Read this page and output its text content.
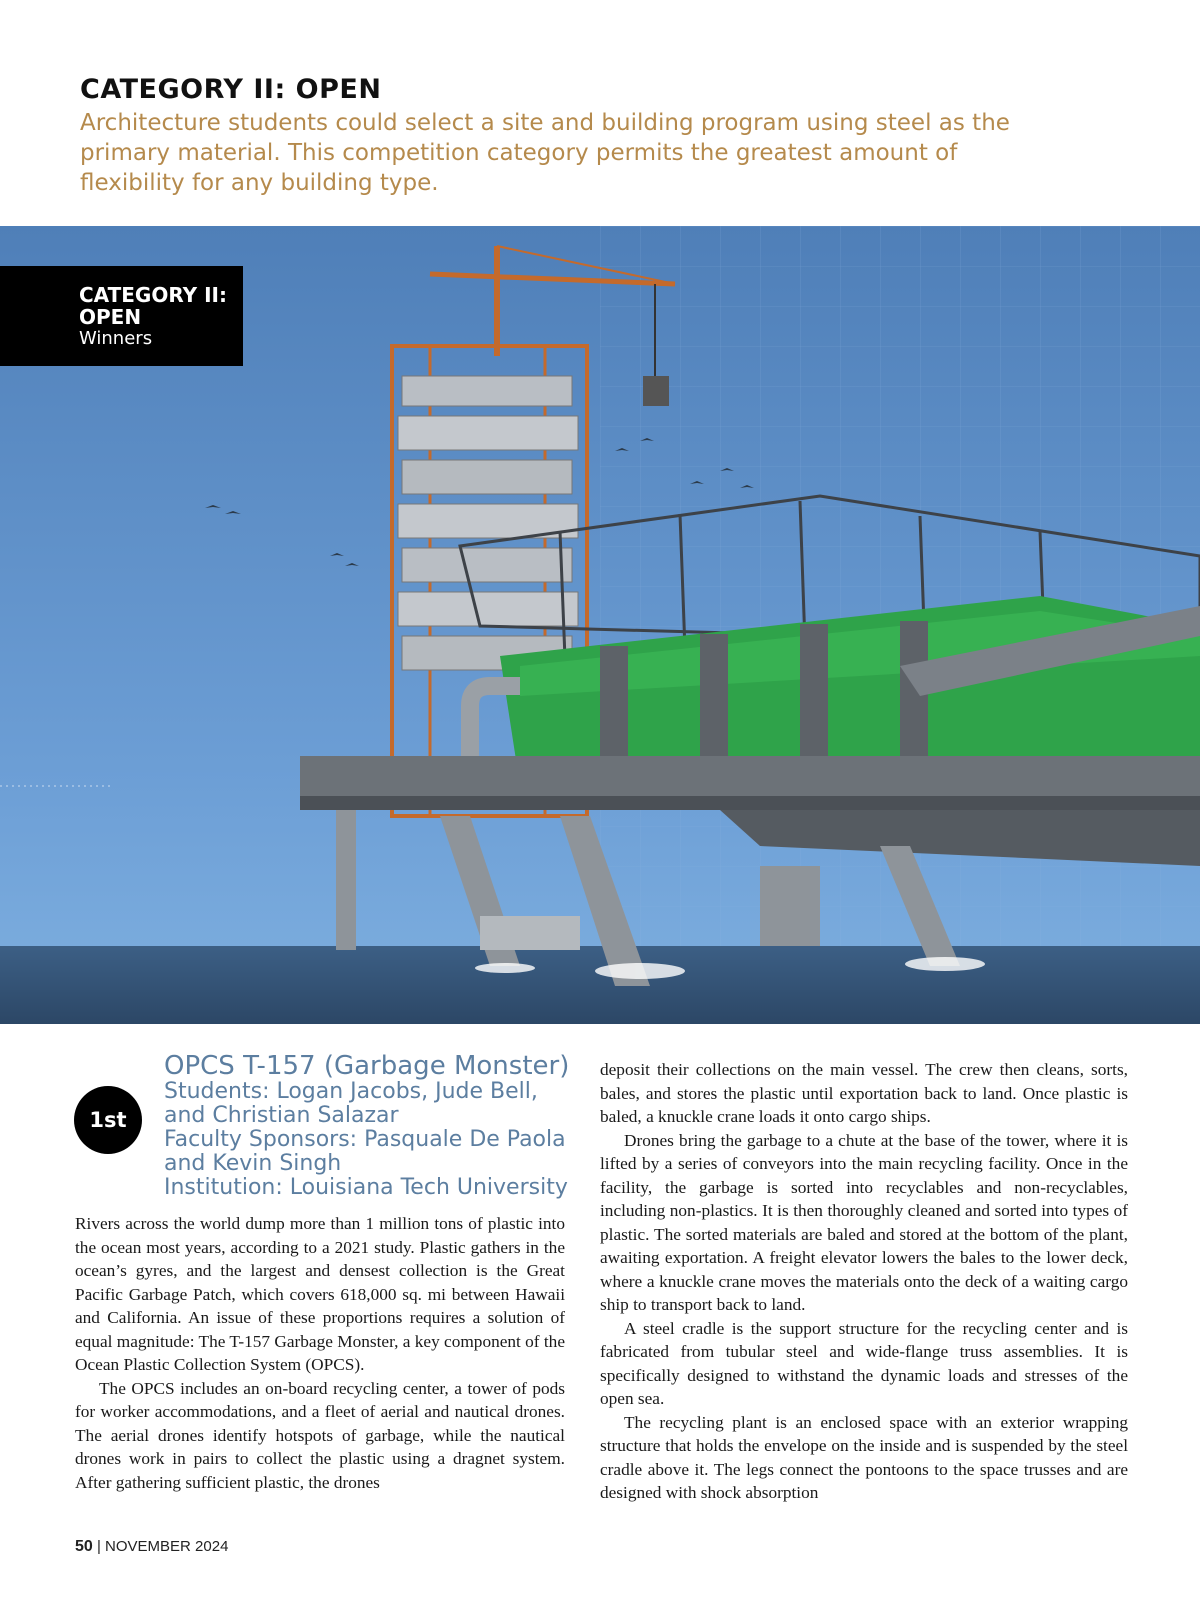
CATEGORY II: OPEN
Architecture students could select a site and building program using steel as the primary material. This competition category permits the greatest amount of flexibility for any building type.
CATEGORY II:
OPEN
Winners
1st
OPCS T-157 (Garbage Monster)
Students: Logan Jacobs, Jude Bell,
and Christian Salazar
Faculty Sponsors: Pasquale De Paola
and Kevin Singh
Institution: Louisiana Tech University

Rivers across the world dump more than 1 million tons of plastic into the ocean most years, according to a 2021 study. Plastic gathers in the ocean’s gyres, and the largest and densest collection is the Great Pacific Garbage Patch, which covers 618,000 sq. mi between Hawaii and California. An issue of these proportions requires a solution of equal magnitude: The T-157 Garbage Monster, a key component of the Ocean Plastic Collection System (OPCS).

The OPCS includes an on-board recycling center, a tower of pods for worker accommodations, and a fleet of aerial and nautical drones. The aerial drones identify hotspots of garbage, while the nautical drones work in pairs to collect the plastic using a dragnet system. After gathering sufficient plastic, the drones

deposit their collections on the main vessel. The crew then cleans, sorts, bales, and stores the plastic until exportation back to land. Once plastic is baled, a knuckle crane loads it onto cargo ships.

Drones bring the garbage to a chute at the base of the tower, where it is lifted by a series of conveyors into the main recycling facility. Once in the facility, the garbage is sorted into recyclables and non-recyclables, including non-plastics. It is then thoroughly cleaned and sorted into types of plastic. The sorted materials are baled and stored at the bottom of the plant, awaiting exportation. A freight elevator lowers the bales to the lower deck, where a knuckle crane moves the materials onto the deck of a waiting cargo ship to transport back to land.

A steel cradle is the support structure for the recycling center and is fabricated from tubular steel and wide-flange truss assemblies. It is specifically designed to withstand the dynamic loads and stresses of the open sea.

The recycling plant is an enclosed space with an exterior wrapping structure that holds the envelope on the inside and is suspended by the steel cradle above it. The legs connect the pontoons to the space trusses and are designed with shock absorption

50 | NOVEMBER 2024
